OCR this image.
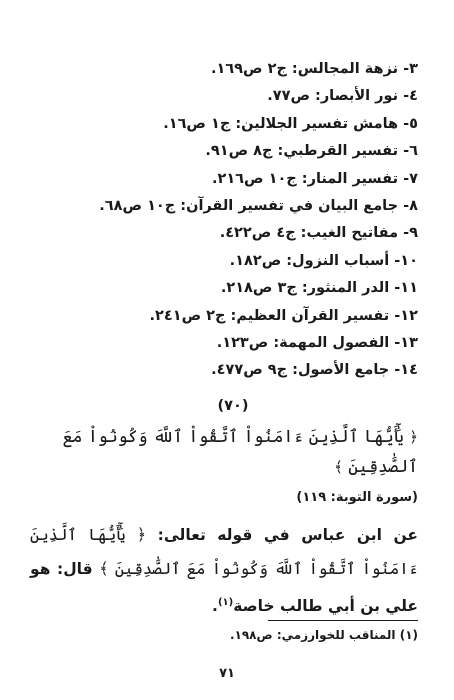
٣- نزهة المجالس: ج٢ ص١٦٩.
٤- نور الأبصار: ص٧٧.
٥- هامش تفسير الجلالين: ج١ ص١٦.
٦- تفسير القرطبي: ج٨ ص٩١.
٧- تفسير المنار: ج١٠ ص٢١٦.
٨- جامع البيان في تفسير القرآن: ج١٠ ص٦٨.
٩- مفاتيح الغيب: ج٤ ص٤٢٢.
١٠- أسباب النزول: ص١٨٢.
١١- الدر المنثور: ج٣ ص٢١٨.
١٢- تفسير القرآن العظيم: ج٢ ص٢٤١.
١٣- الفصول المهمة: ص١٢٣.
١٤- جامع الأصول: ج٩ ص٤٧٧.
(٧٠)
﴿ يَٰٓأَيُّهَا ٱلَّذِينَ ءَامَنُواْ ٱتَّقُواْ ٱللَّهَ وَكُونُواْ مَعَ ٱلصَّٰدِقِينَ ﴾
(سورة التوبة: ١١٩)
عن ابن عباس في قوله تعالى: ﴿ يَٰٓأَيُّهَا ٱلَّذِينَ ءَامَنُواْ ٱتَّقُواْ ٱللَّهَ وَكُونُواْ مَعَ ٱلصَّٰدِقِينَ ﴾ قال: هو علي بن أبي طالب خاصة$^{(١)}$.
(١) المناقب للخوارزمي: ص١٩٨.
٧١
